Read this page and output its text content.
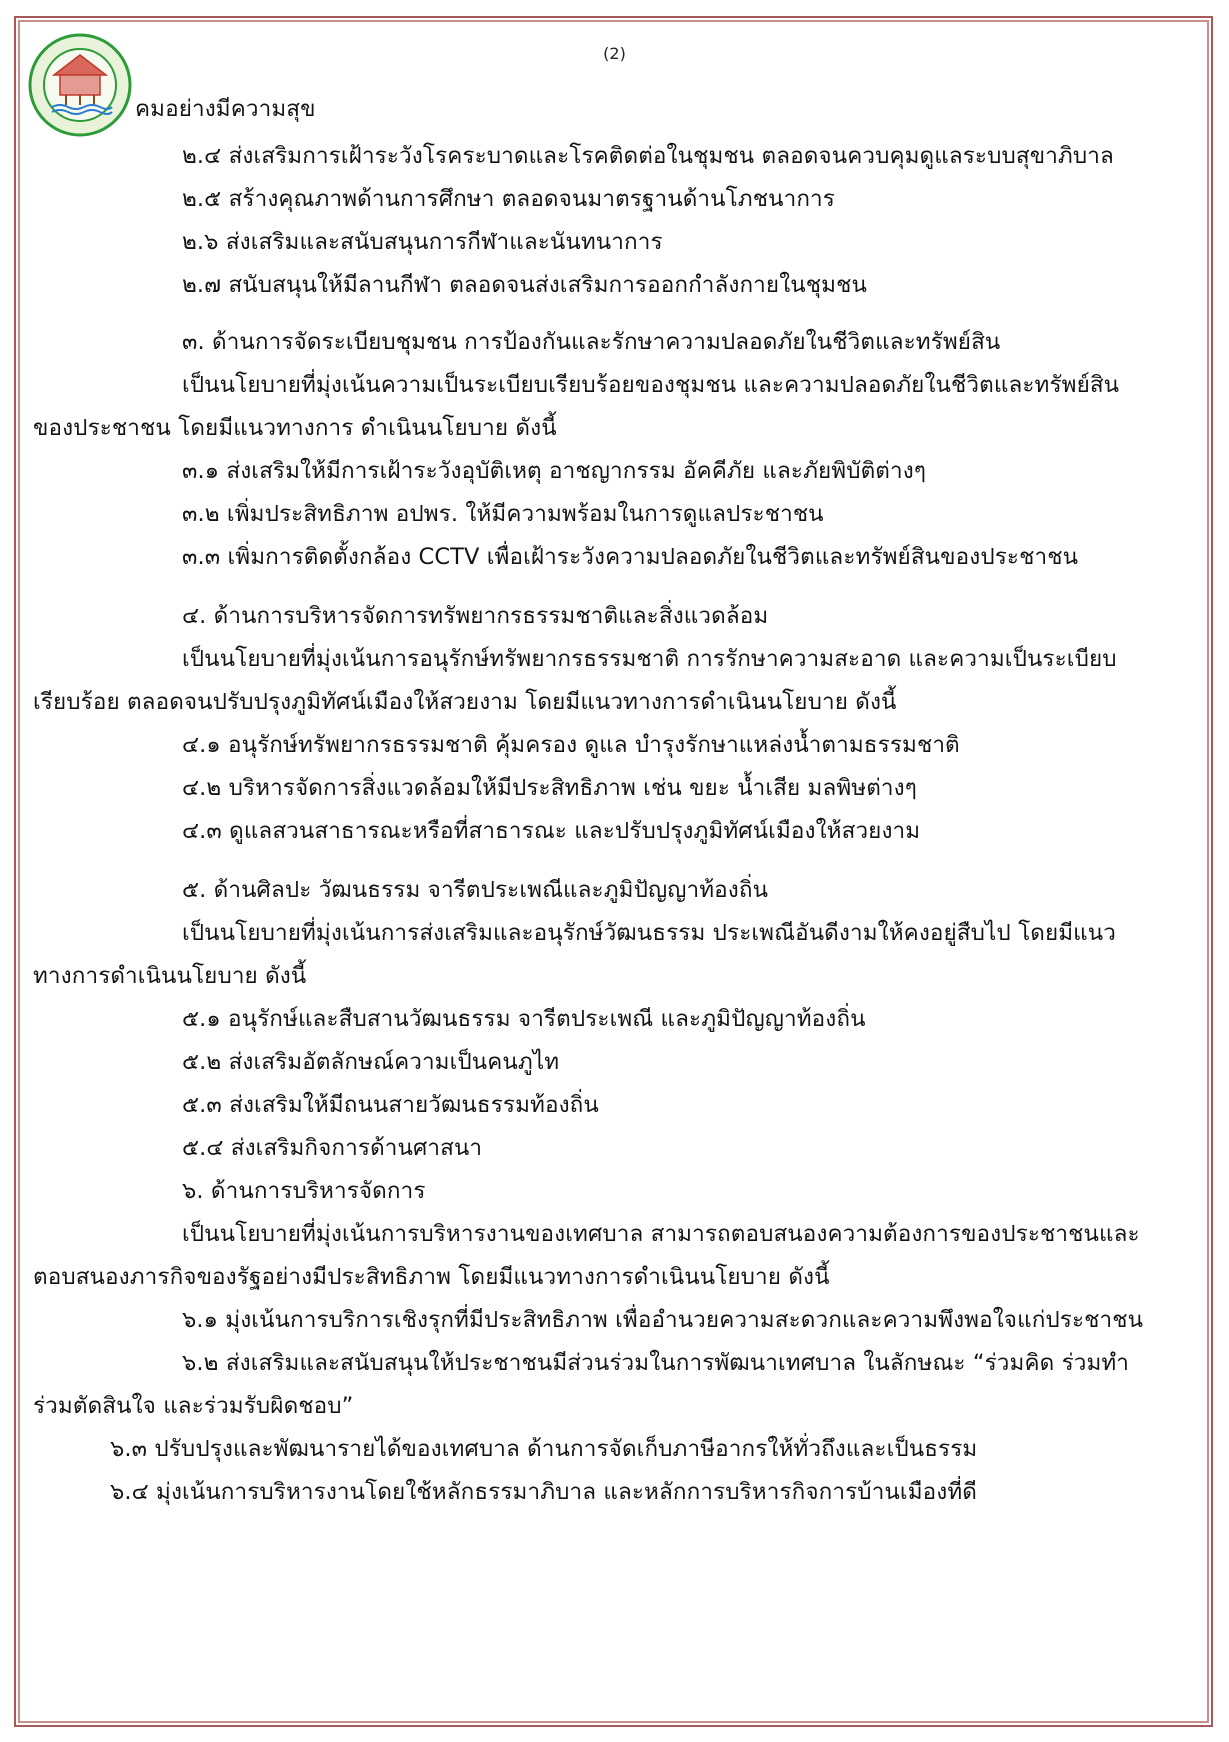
(2)
คมอย่างมีความสุข
๒.๔ ส่งเสริมการเฝ้าระวังโรคระบาดและโรคติดต่อในชุมชน ตลอดจนควบคุมดูแลระบบสุขาภิบาล
๒.๕ สร้างคุณภาพด้านการศึกษา ตลอดจนมาตรฐานด้านโภชนาการ
๒.๖ ส่งเสริมและสนับสนุนการกีฬาและนันทนาการ
๒.๗ สนับสนุนให้มีลานกีฬา ตลอดจนส่งเสริมการออกกำลังกายในชุมชน
๓. ด้านการจัดระเบียบชุมชน การป้องกันและรักษาความปลอดภัยในชีวิตและทรัพย์สิน
เป็นนโยบายที่มุ่งเน้นความเป็นระเบียบเรียบร้อยของชุมชน และความปลอดภัยในชีวิตและทรัพย์สิน
ของประชาชน โดยมีแนวทางการ ดำเนินนโยบาย ดังนี้
๓.๑ ส่งเสริมให้มีการเฝ้าระวังอุบัติเหตุ อาชญากรรม อัคคีภัย และภัยพิบัติต่างๆ
๓.๒ เพิ่มประสิทธิภาพ อปพร. ให้มีความพร้อมในการดูแลประชาชน
๓.๓ เพิ่มการติดตั้งกล้อง CCTV เพื่อเฝ้าระวังความปลอดภัยในชีวิตและทรัพย์สินของประชาชน
๔. ด้านการบริหารจัดการทรัพยากรธรรมชาติและสิ่งแวดล้อม
เป็นนโยบายที่มุ่งเน้นการอนุรักษ์ทรัพยากรธรรมชาติ การรักษาความสะอาด และความเป็นระเบียบ
เรียบร้อย ตลอดจนปรับปรุงภูมิทัศน์เมืองให้สวยงาม โดยมีแนวทางการดำเนินนโยบาย ดังนี้
๔.๑ อนุรักษ์ทรัพยากรธรรมชาติ คุ้มครอง ดูแล บำรุงรักษาแหล่งน้ำตามธรรมชาติ
๔.๒ บริหารจัดการสิ่งแวดล้อมให้มีประสิทธิภาพ เช่น ขยะ น้ำเสีย มลพิษต่างๆ
๔.๓ ดูแลสวนสาธารณะหรือที่สาธารณะ และปรับปรุงภูมิทัศน์เมืองให้สวยงาม
๕. ด้านศิลปะ วัฒนธรรม จารีตประเพณีและภูมิปัญญาท้องถิ่น
เป็นนโยบายที่มุ่งเน้นการส่งเสริมและอนุรักษ์วัฒนธรรม ประเพณีอันดีงามให้คงอยู่สืบไป โดยมีแนว
ทางการดำเนินนโยบาย ดังนี้
๕.๑ อนุรักษ์และสืบสานวัฒนธรรม จารีตประเพณี และภูมิปัญญาท้องถิ่น
๕.๒ ส่งเสริมอัตลักษณ์ความเป็นคนภูไท
๕.๓ ส่งเสริมให้มีถนนสายวัฒนธรรมท้องถิ่น
๕.๔ ส่งเสริมกิจการด้านศาสนา
๖. ด้านการบริหารจัดการ
เป็นนโยบายที่มุ่งเน้นการบริหารงานของเทศบาล สามารถตอบสนองความต้องการของประชาชนและ
ตอบสนองภารกิจของรัฐอย่างมีประสิทธิภาพ โดยมีแนวทางการดำเนินนโยบาย ดังนี้
๖.๑ มุ่งเน้นการบริการเชิงรุกที่มีประสิทธิภาพ เพื่ออำนวยความสะดวกและความพึงพอใจแก่ประชาชน
๖.๒ ส่งเสริมและสนับสนุนให้ประชาชนมีส่วนร่วมในการพัฒนาเทศบาล ในลักษณะ “ร่วมคิด ร่วมทำ
ร่วมตัดสินใจ และร่วมรับผิดชอบ”
๖.๓ ปรับปรุงและพัฒนารายได้ของเทศบาล ด้านการจัดเก็บภาษีอากรให้ทั่วถึงและเป็นธรรม
๖.๔ มุ่งเน้นการบริหารงานโดยใช้หลักธรรมาภิบาล และหลักการบริหารกิจการบ้านเมืองที่ดี
